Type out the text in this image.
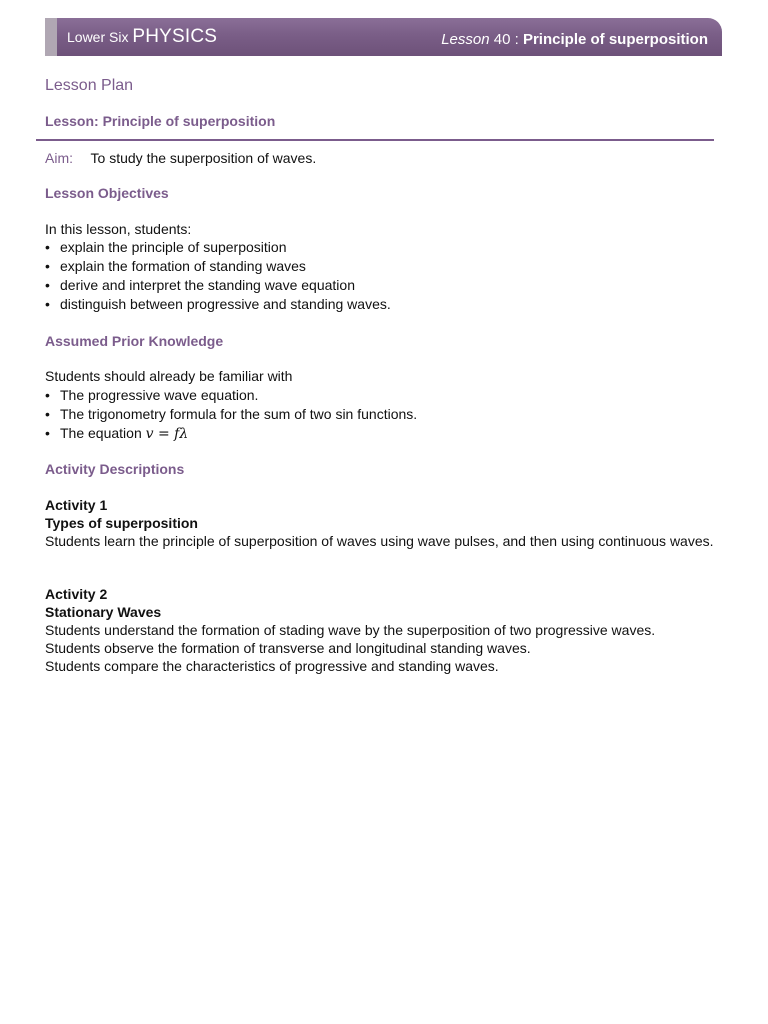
Lower Six PHYSICS	Lesson 40 : Principle of superposition
Lesson Plan
Lesson: Principle of superposition
Aim: To study the superposition of waves.
Lesson Objectives
In this lesson, students:
• explain the principle of superposition
• explain the formation of standing waves
• derive and interpret the standing wave equation
• distinguish between progressive and standing waves.
Assumed Prior Knowledge
Students should already be familiar with
• The progressive wave equation.
• The trigonometry formula for the sum of two sin functions.
• The equation v = fλ
Activity Descriptions
Activity 1
Types of superposition
Students learn the principle of superposition of waves using wave pulses, and then using continuous waves.
Activity 2
Stationary Waves
Students understand the formation of stading wave by the superposition of two progressive waves.
Students observe the formation of transverse and longitudinal standing waves.
Students compare the characteristics of progressive and standing waves.
